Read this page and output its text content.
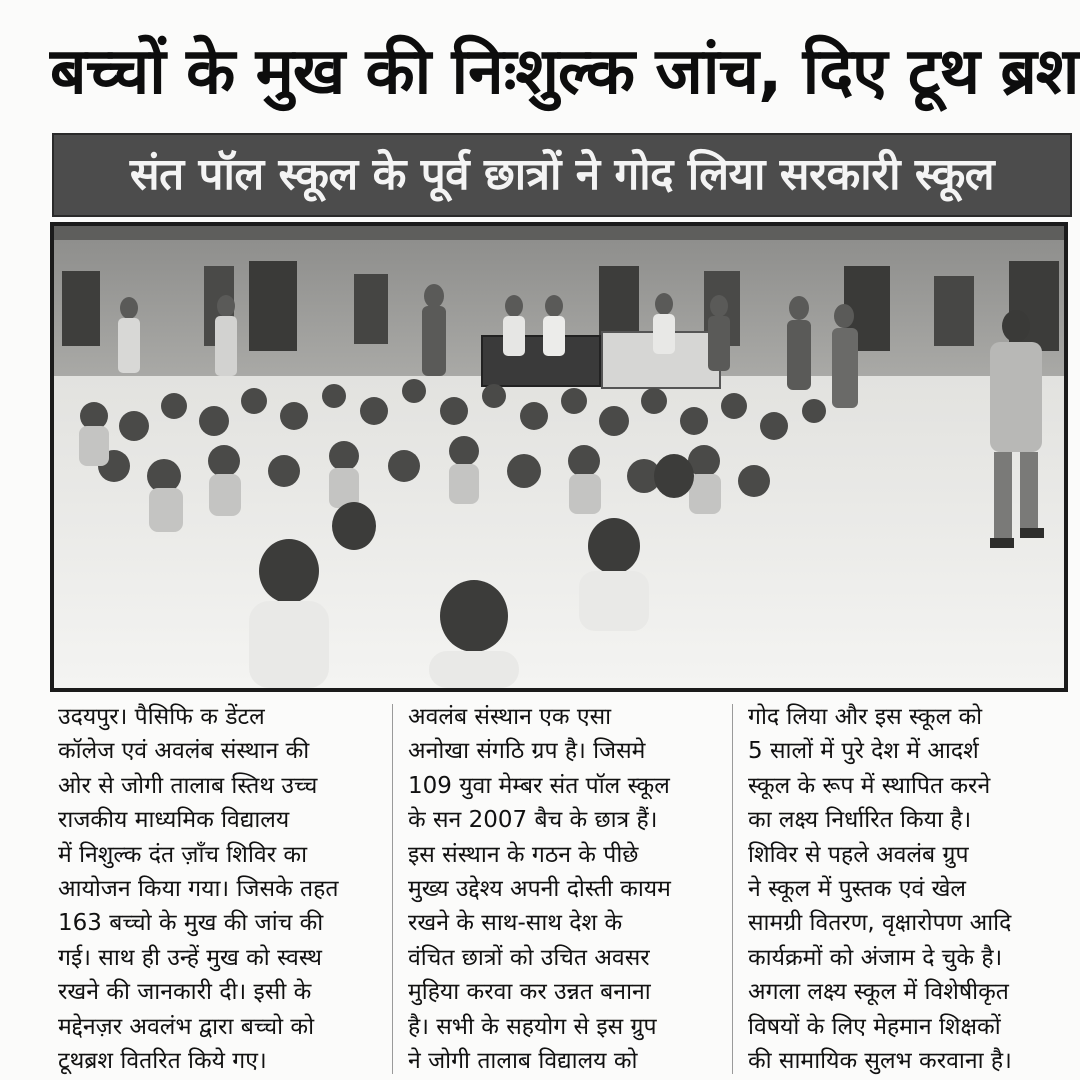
बच्चों के मुख की निःशुल्क जांच, दिए टूथ ब्रश
संत पॉल स्कूल के पूर्व छात्रों ने गोद लिया सरकारी स्कूल
उदयपुर। पैसिफि क डेंटल
कॉलेज एवं अवलंब संस्थान की
ओर से जोगी तालाब स्तिथ उच्च
राजकीय माध्यमिक विद्यालय
में निशुल्क दंत ज़ाँच शिविर का
आयोजन किया गया। जिसके तहत
163 बच्चो के मुख की जांच की
गई। साथ ही उन्हें मुख को स्वस्थ
रखने की जानकारी दी। इसी के
मद्देनज़र अवलंभ द्वारा बच्चो को
टूथब्रश वितरित किये गए।
अवलंब संस्थान एक एसा
अनोखा संगठि ग्रप है। जिसमे
109 युवा मेम्बर संत पॉल स्कूल
के सन 2007 बैच के छात्र हैं।
इस संस्थान के गठन के पीछे
मुख्य उद्देश्य अपनी दोस्ती कायम
रखने के साथ-साथ देश के
वंचित छात्रों को उचित अवसर
मुहिया करवा कर उन्नत बनाना
है। सभी के सहयोग से इस ग्रुप
ने जोगी तालाब विद्यालय को
गोद लिया और इस स्कूल को
5 सालों में पुरे देश में आदर्श
स्कूल के रूप में स्थापित करने
का लक्ष्य निर्धारित किया है।
शिविर से पहले अवलंब ग्रुप
ने स्कूल में पुस्तक एवं खेल
सामग्री वितरण, वृक्षारोपण आदि
कार्यक्रमों को अंजाम दे चुके है।
अगला लक्ष्य स्कूल में विशेषीकृत
विषयों के लिए मेहमान शिक्षकों
की सामायिक सुलभ करवाना है।
